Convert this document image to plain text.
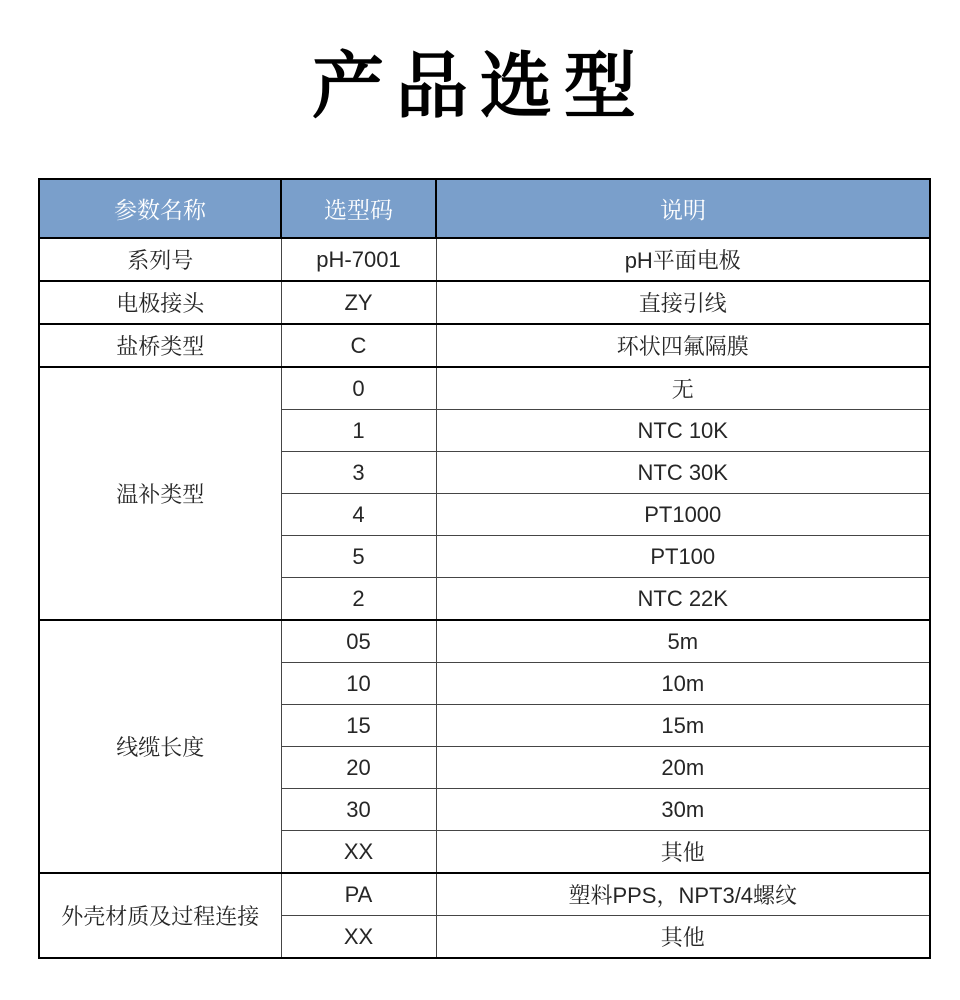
产品选型
参数名称	选型码	说明
系列号	pH-7001	pH平面电极
电极接头	ZY	直接引线
盐桥类型	C	环状四氟隔膜
温补类型	0	无
	1	NTC 10K
	3	NTC 30K
	4	PT1000
	5	PT100
	2	NTC 22K
线缆长度	05	5m
	10	10m
	15	15m
	20	20m
	30	30m
	XX	其他
外壳材质及过程连接	PA	塑料PPS，NPT3/4螺纹
	XX	其他
